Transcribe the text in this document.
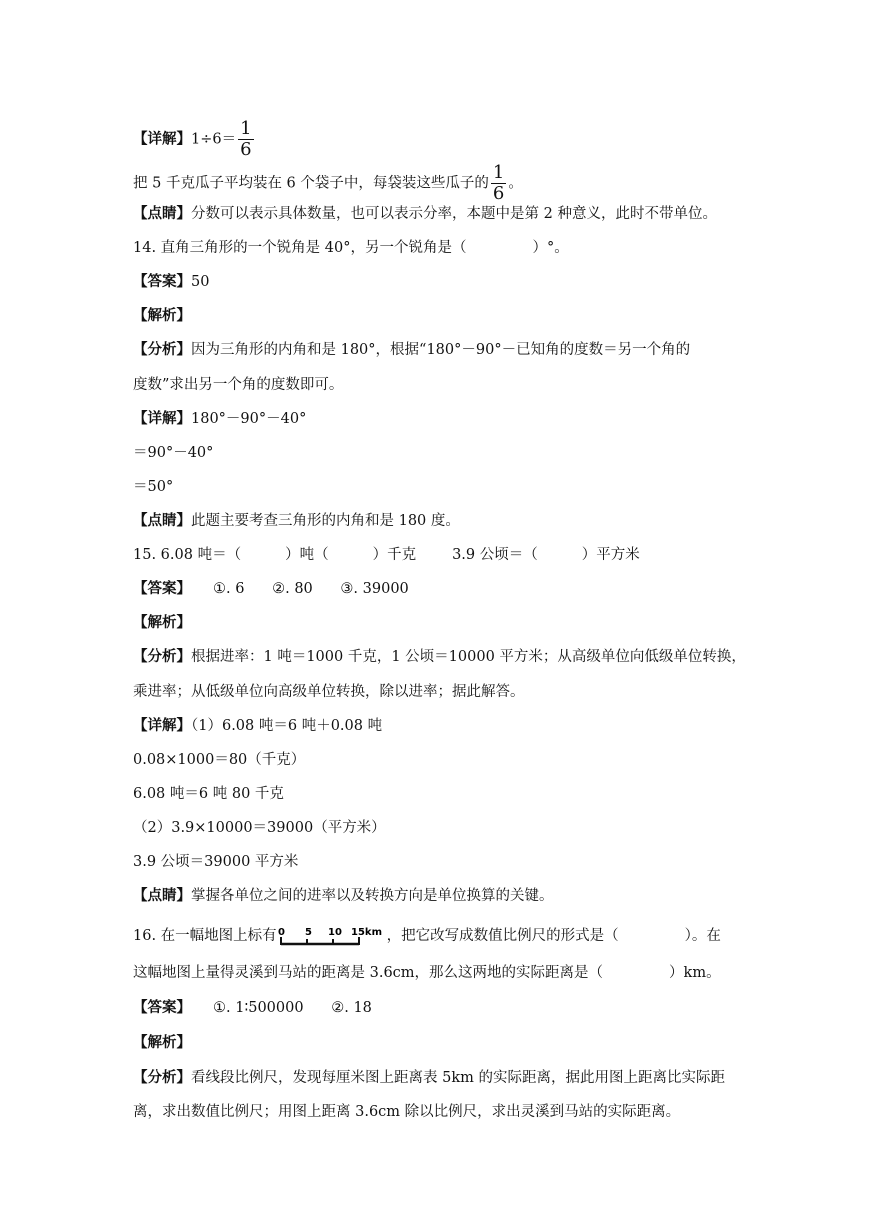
【详解】$1\div 6= \frac{1}{6}$
把 5 千克瓜子平均装在 6 个袋子中，每袋装这些瓜子的 $\frac{1}{6}$ 。
【点睛】分数可以表示具体数量，也可以表示分率，本题中是第 2 种意义，此时不带单位。
14. 直角三角形的一个锐角是 40°，另一个锐角是（	）°。
【答案】50
【解析】
【分析】因为三角形的内角和是 180°，根据“180°－90°－已知角的度数＝另一个角的
度数”求出另一个角的度数即可。
【详解】180°－90°－40°
＝90°－40°
＝50°
【点睛】此题主要考查三角形的内角和是 180 度。
15. 6.08 吨＝（	）吨（	）千克 3.9 公顷＝（	）平方米
【答案】 ①. 6      ②. 80      ③. 39000
【解析】
【分析】根据进率：1 吨＝1000 千克，1 公顷＝10000 平方米；从高级单位向低级单位转换，
乘进率；从低级单位向高级单位转换，除以进率；据此解答。
【详解】（1）6.08 吨＝6 吨＋0.08 吨
0.08×1000＝80（千克）
6.08 吨＝6 吨 80 千克
（2）3.9×10000＝39000（平方米）
3.9 公顷＝39000 平方米
【点睛】掌握各单位之间的进率以及转换方向是单位换算的关键。
16. 在一幅地图上标有 0 5 10 15km ，把它改写成数值比例尺的形式是（	）。在
这幅地图上量得灵溪到马站的距离是 3.6cm，那么这两地的实际距离是（	）km。
【答案】 ①. 1∶500000      ②. 18
【解析】
【分析】看线段比例尺，发现每厘米图上距离表 5km 的实际距离，据此用图上距离比实际距
离，求出数值比例尺；用图上距离 3.6cm 除以比例尺，求出灵溪到马站的实际距离。
